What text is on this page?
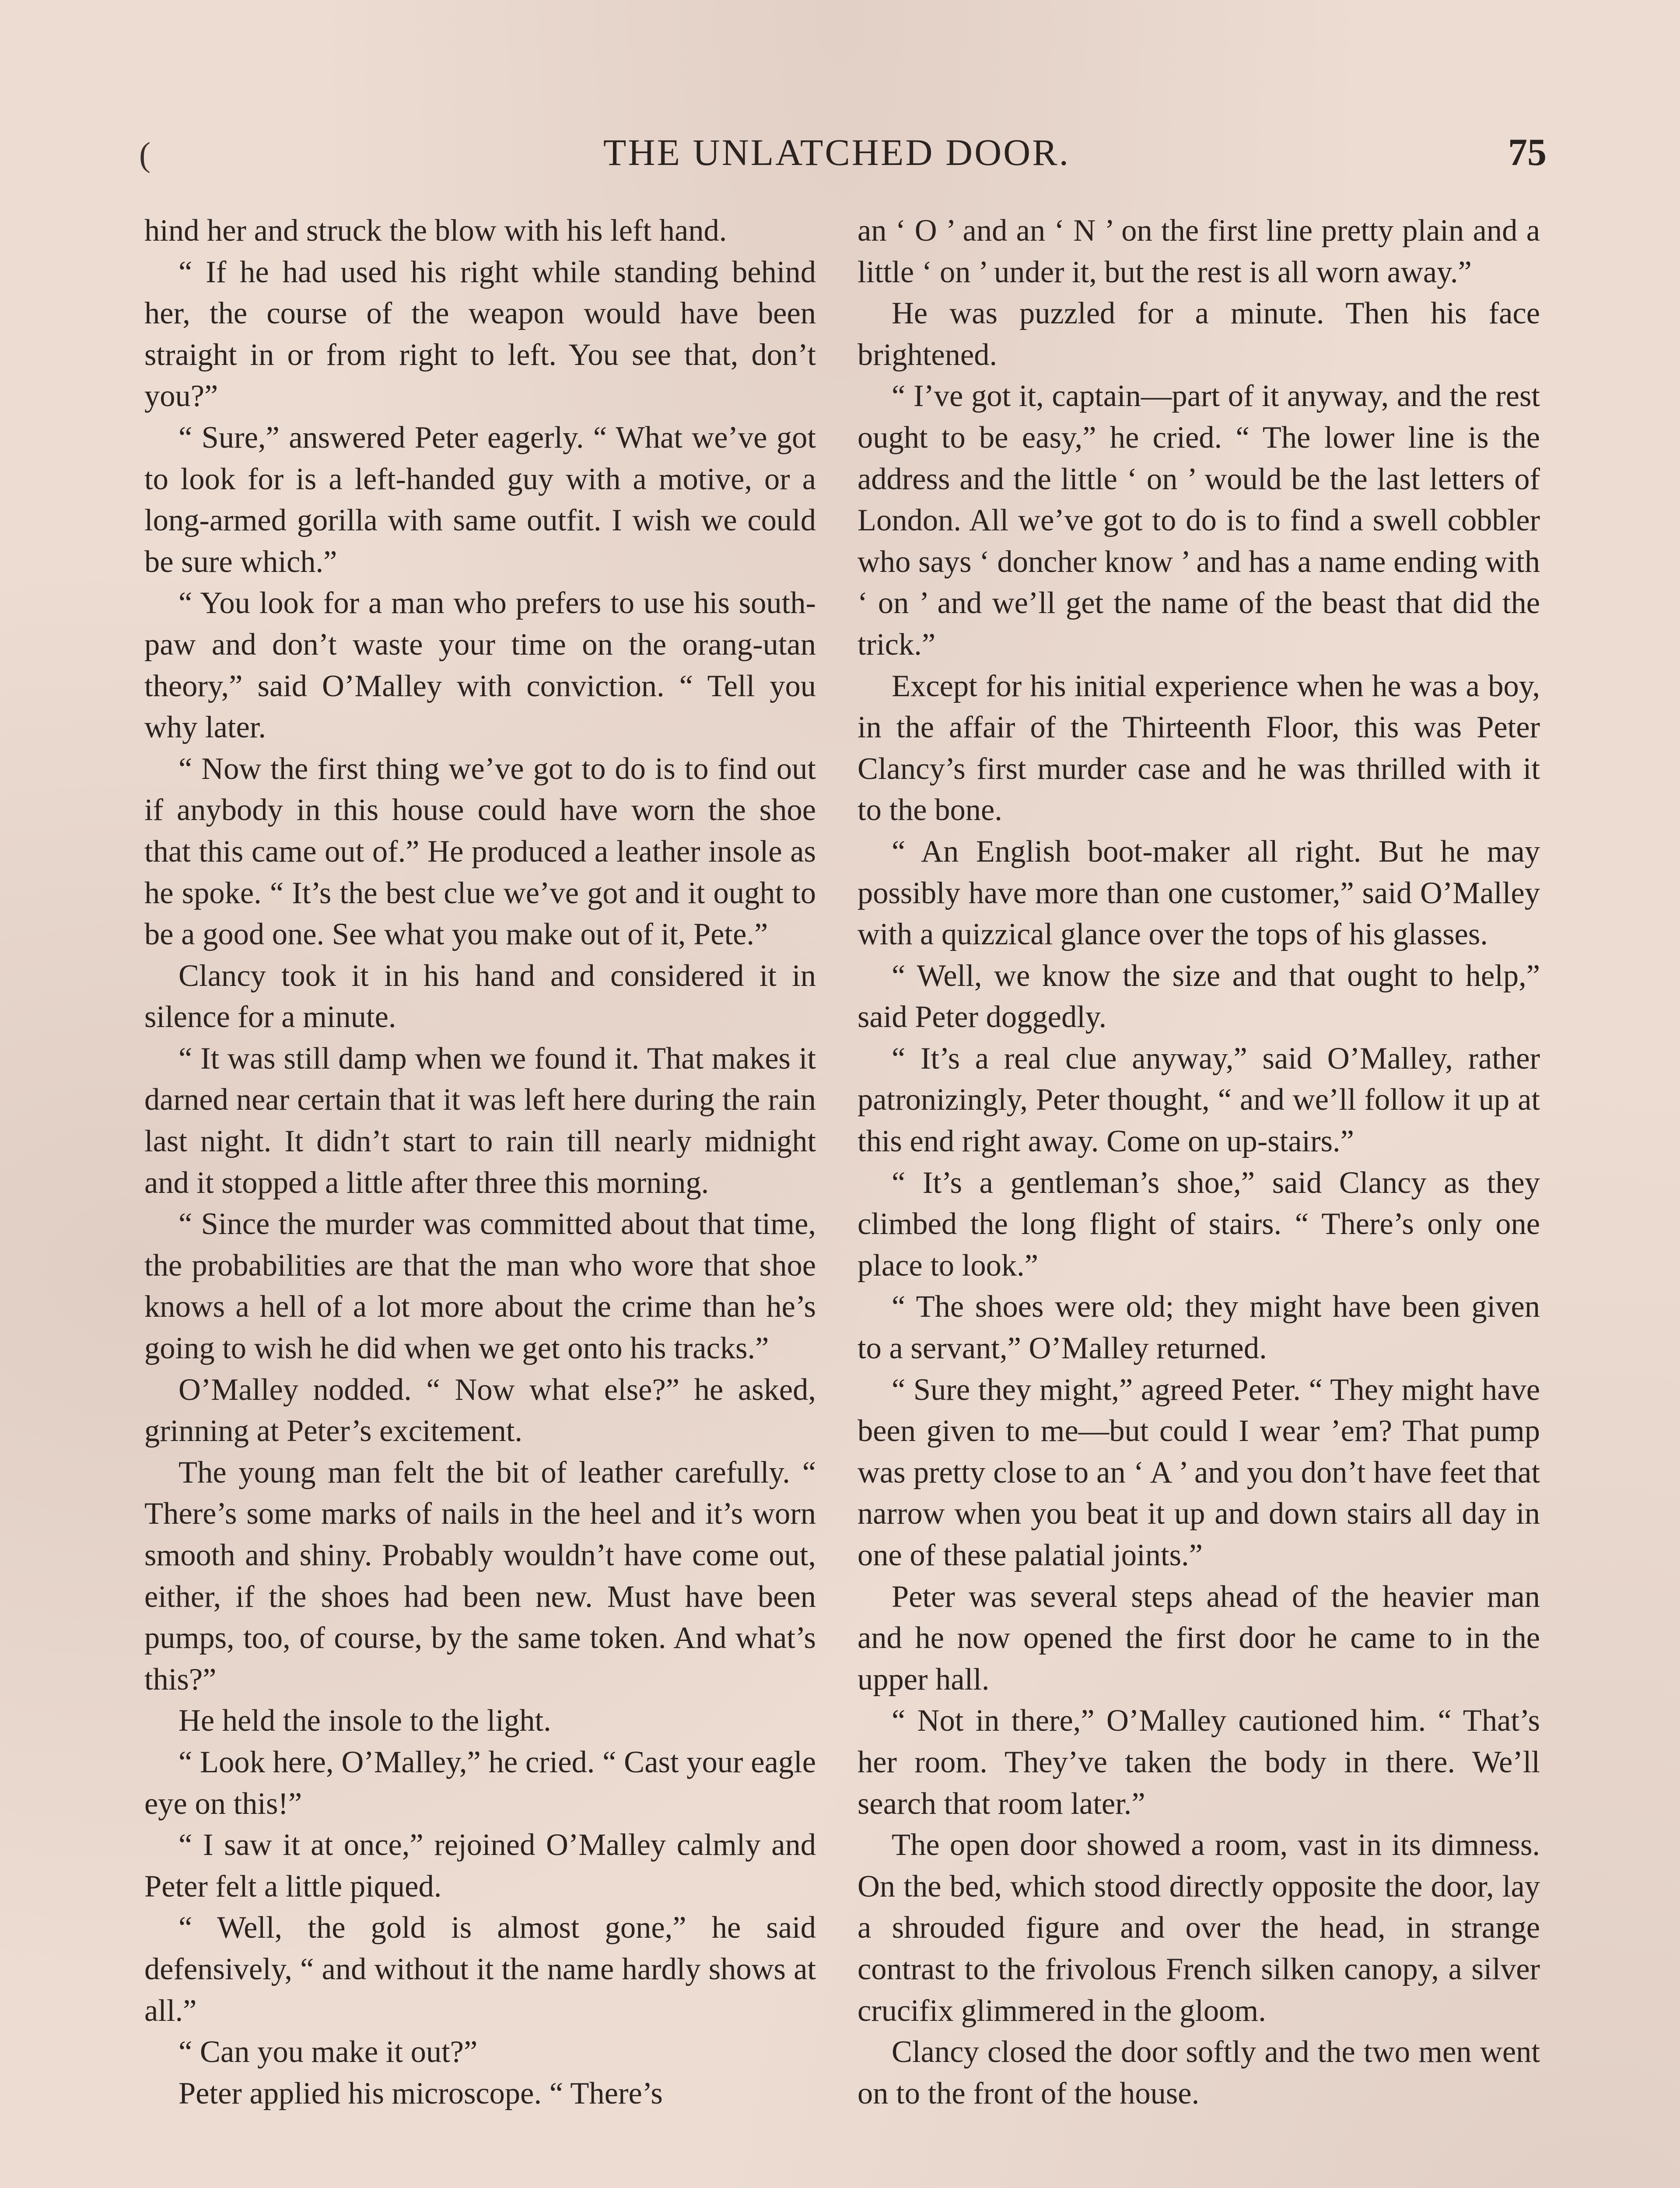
(	THE UNLATCHED DOOR.	75

hind her and struck the blow with his left hand.

“ If he had used his right while standing behind her, the course of the weapon would have been straight in or from right to left. You see that, don’t you?”

“ Sure,” answered Peter eagerly. “ What we’ve got to look for is a left-handed guy with a motive, or a long-armed gorilla with same outfit. I wish we could be sure which.”

“ You look for a man who prefers to use his south-paw and don’t waste your time on the orang-utan theory,” said O’Malley with conviction. “ Tell you why later.

“ Now the first thing we’ve got to do is to find out if anybody in this house could have worn the shoe that this came out of.” He produced a leather insole as he spoke. “ It’s the best clue we’ve got and it ought to be a good one. See what you make out of it, Pete.”

Clancy took it in his hand and considered it in silence for a minute.

“ It was still damp when we found it. That makes it darned near certain that it was left here during the rain last night. It didn’t start to rain till nearly midnight and it stopped a little after three this morning.

“ Since the murder was committed about that time, the probabilities are that the man who wore that shoe knows a hell of a lot more about the crime than he’s going to wish he did when we get onto his tracks.”

O’Malley nodded. “ Now what else?” he asked, grinning at Peter’s excitement.

The young man felt the bit of leather carefully. “ There’s some marks of nails in the heel and it’s worn smooth and shiny. Probably wouldn’t have come out, either, if the shoes had been new. Must have been pumps, too, of course, by the same token. And what’s this?”

He held the insole to the light.

“ Look here, O’Malley,” he cried. “ Cast your eagle eye on this!”

“ I saw it at once,” rejoined O’Malley calmly and Peter felt a little piqued.

“ Well, the gold is almost gone,” he said defensively, “ and without it the name hardly shows at all.”

“ Can you make it out?”

Peter applied his microscope. “ There’s

an ‘ O ’ and an ‘ N ’ on the first line pretty plain and a little ‘ on ’ under it, but the rest is all worn away.”

He was puzzled for a minute. Then his face brightened.

“ I’ve got it, captain—part of it anyway, and the rest ought to be easy,” he cried. “ The lower line is the address and the little ‘ on ’ would be the last letters of London. All we’ve got to do is to find a swell cobbler who says ‘ doncher know ’ and has a name ending with ‘ on ’ and we’ll get the name of the beast that did the trick.”

Except for his initial experience when he was a boy, in the affair of the Thirteenth Floor, this was Peter Clancy’s first murder case and he was thrilled with it to the bone.

“ An English boot-maker all right. But he may possibly have more than one customer,” said O’Malley with a quizzical glance over the tops of his glasses.

“ Well, we know the size and that ought to help,” said Peter doggedly.

“ It’s a real clue anyway,” said O’Malley, rather patronizingly, Peter thought, “ and we’ll follow it up at this end right away. Come on up-stairs.”

“ It’s a gentleman’s shoe,” said Clancy as they climbed the long flight of stairs. “ There’s only one place to look.”

“ The shoes were old; they might have been given to a servant,” O’Malley returned.

“ Sure they might,” agreed Peter. “ They might have been given to me—but could I wear ’em? That pump was pretty close to an ‘ A ’ and you don’t have feet that narrow when you beat it up and down stairs all day in one of these palatial joints.”

Peter was several steps ahead of the heavier man and he now opened the first door he came to in the upper hall.

“ Not in there,” O’Malley cautioned him. “ That’s her room. They’ve taken the body in there. We’ll search that room later.”

The open door showed a room, vast in its dimness. On the bed, which stood directly opposite the door, lay a shrouded figure and over the head, in strange contrast to the frivolous French silken canopy, a silver crucifix glimmered in the gloom.

Clancy closed the door softly and the two men went on to the front of the house.
